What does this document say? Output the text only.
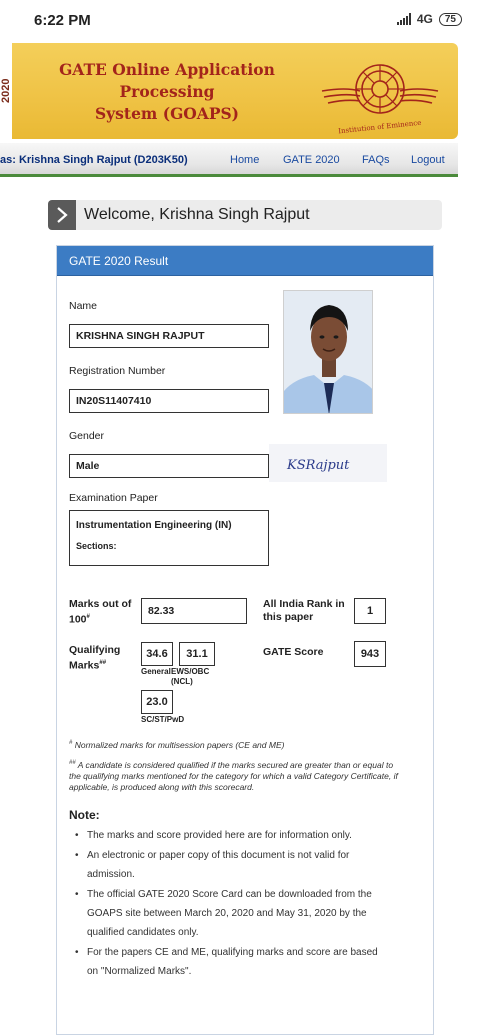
6:22 PM	4G	75
2020
GATE Online Application
Processing
System (GOAPS)
Institution of Eminence
as: Krishna Singh Rajput (D203K50)	Home GATE 2020 FAQs Logout
Welcome, Krishna Singh Rajput
GATE 2020 Result
Name
KRISHNA SINGH RAJPUT
Registration Number
IN20S11407410
Gender
Male	KSRajput
Examination Paper
Instrumentation Engineering (IN)
Sections:
Marks out of 100#	82.33
All India Rank in this paper	1
Qualifying Marks##
34.6	31.1
General EWS/OBC (NCL)
23.0
SC/ST/PwD
GATE Score	943
# Normalized marks for multisession papers (CE and ME)
## A candidate is considered qualified if the marks secured are greater than or equal to the qualifying marks mentioned for the category for which a valid Category Certificate, if applicable, is produced along with this scorecard.
Note:
• The marks and score provided here are for information only.
• An electronic or paper copy of this document is not valid for admission.
• The official GATE 2020 Score Card can be downloaded from the GOAPS site between March 20, 2020 and May 31, 2020 by the qualified candidates only.
• For the papers CE and ME, qualifying marks and score are based on "Normalized Marks".
